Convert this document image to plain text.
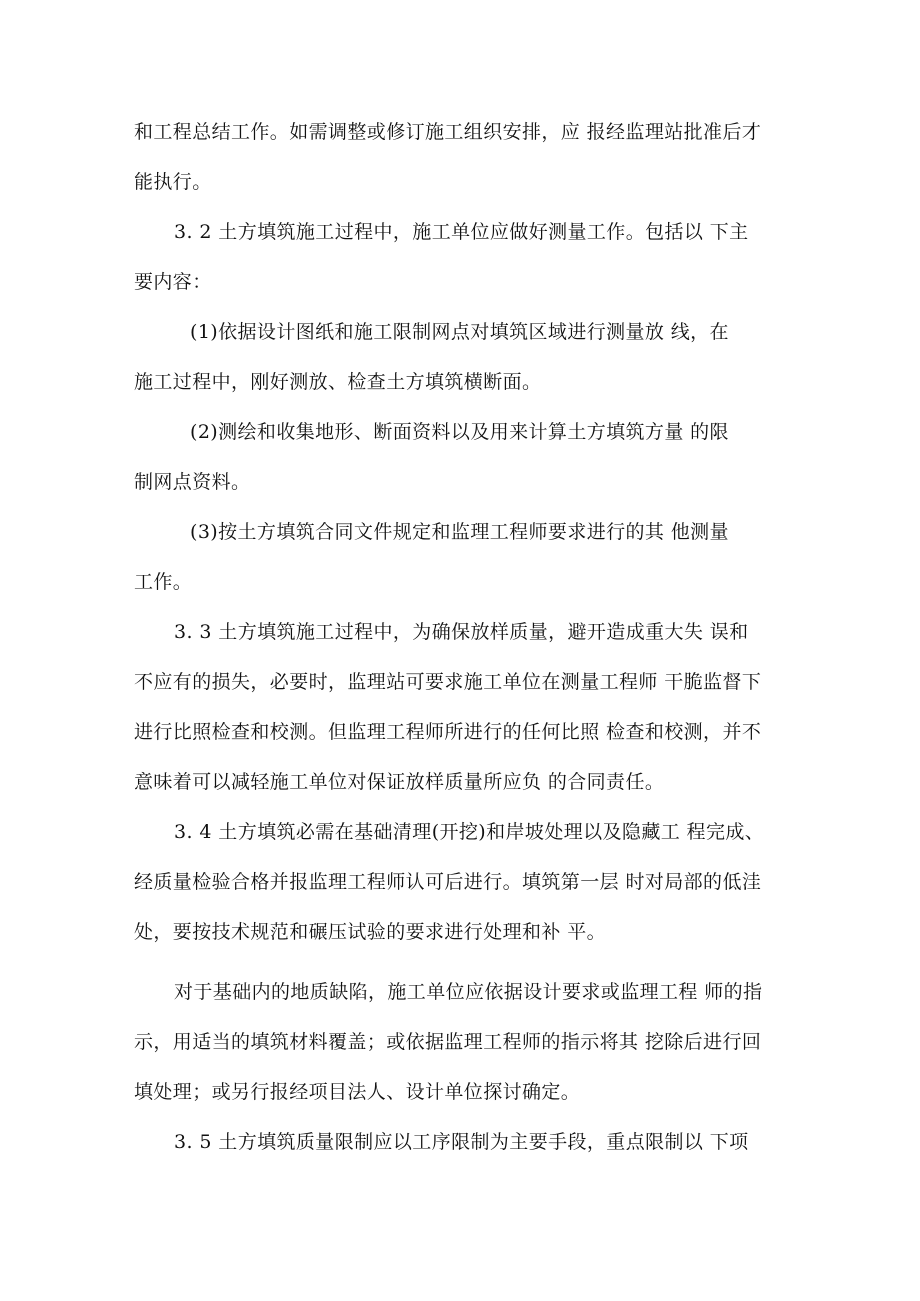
和工程总结工作。如需调整或修订施工组织安排，应 报经监理站批准后才
能执行。
3. 2 土方填筑施工过程中，施工单位应做好测量工作。包括以 下主
要内容：
(1)依据设计图纸和施工限制网点对填筑区域进行测量放 线，在
施工过程中，刚好测放、检查土方填筑横断面。
(2)测绘和收集地形、断面资料以及用来计算土方填筑方量 的限
制网点资料。
(3)按土方填筑合同文件规定和监理工程师要求进行的其 他测量
工作。
3. 3 土方填筑施工过程中，为确保放样质量，避开造成重大失 误和
不应有的损失，必要时，监理站可要求施工单位在测量工程师 干脆监督下
进行比照检查和校测。但监理工程师所进行的任何比照 检查和校测，并不
意味着可以减轻施工单位对保证放样质量所应负 的合同责任。
3. 4 土方填筑必需在基础清理(开挖)和岸坡处理以及隐藏工 程完成、
经质量检验合格并报监理工程师认可后进行。填筑第一层 时对局部的低洼
处，要按技术规范和碾压试验的要求进行处理和补 平。
对于基础内的地质缺陷，施工单位应依据设计要求或监理工程 师的指
示，用适当的填筑材料覆盖；或依据监理工程师的指示将其 挖除后进行回
填处理；或另行报经项目法人、设计单位探讨确定。
3. 5 土方填筑质量限制应以工序限制为主要手段，重点限制以 下项
